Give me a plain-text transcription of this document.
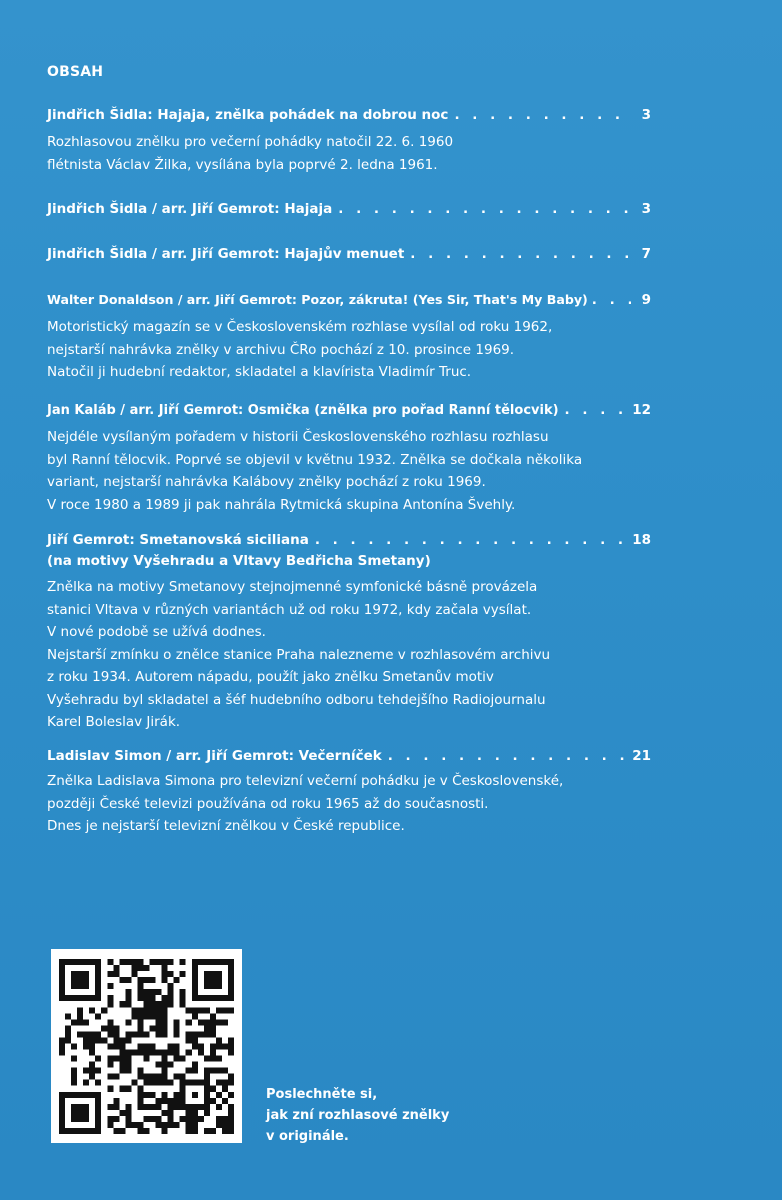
OBSAH
Jindřich Šidla: Hajaja, znělka pohádek na dobrou noc . . .	3

Rozhlasovou znělku pro večerní pohádky natočil 22. 6. 1960

flétnista Václav Žilka, vysílána byla poprvé 2. ledna 1961.

Jindřich Šidla / arr. Jiří Gemrot: Hajaja . . .	3
Jindřich Šidla / arr. Jiří Gemrot: Hajajův menuet . . .	7
Walter Donaldson / arr. Jiří Gemrot: Pozor, zákruta! (Yes Sir, That's My Baby) . . .	9

Motoristický magazín se v Československém rozhlase vysílal od roku 1962,

nejstarší nahrávka znělky v archivu ČRo pochází z 10. prosince 1969.

Natočil ji hudební redaktor, skladatel a klavírista Vladimír Truc.

Jan Kaláb / arr. Jiří Gemrot: Osmička (znělka pro pořad Ranní tělocvik) . . .	12

Nejdéle vysílaným pořadem v historii Československého rozhlasu rozhlasu

byl Ranní tělocvik. Poprvé se objevil v květnu 1932. Znělka se dočkala několika

variant, nejstarší nahrávka Kalábovy znělky pochází z roku 1969.

V roce 1980 a 1989 ji pak nahrála Rytmická skupina Antonína Švehly.

Jiří Gemrot: Smetanovská siciliana . . .	18
(na motivy Vyšehradu a Vltavy Bedřicha Smetany)

Znělka na motivy Smetanovy stejnojmenné symfonické básně provázela

stanici Vltava v různých variantách už od roku 1972, kdy začala vysílat.

V nové podobě se užívá dodnes.

Nejstarší zmínku o znělce stanice Praha nalezneme v rozhlasovém archivu

z roku 1934. Autorem nápadu, použít jako znělku Smetanův motiv

Vyšehradu byl skladatel a šéf hudebního odboru tehdejšího Radiojournalu

Karel Boleslav Jirák.

Ladislav Simon / arr. Jiří Gemrot: Večerníček . . .	21

Znělka Ladislava Simona pro televizní večerní pohádku je v Československé,

později České televizi používána od roku 1965 až do současnosti.

Dnes je nejstarší televizní znělkou v České republice.

Poslechněte si,

jak zní rozhlasové znělky

v originále.
